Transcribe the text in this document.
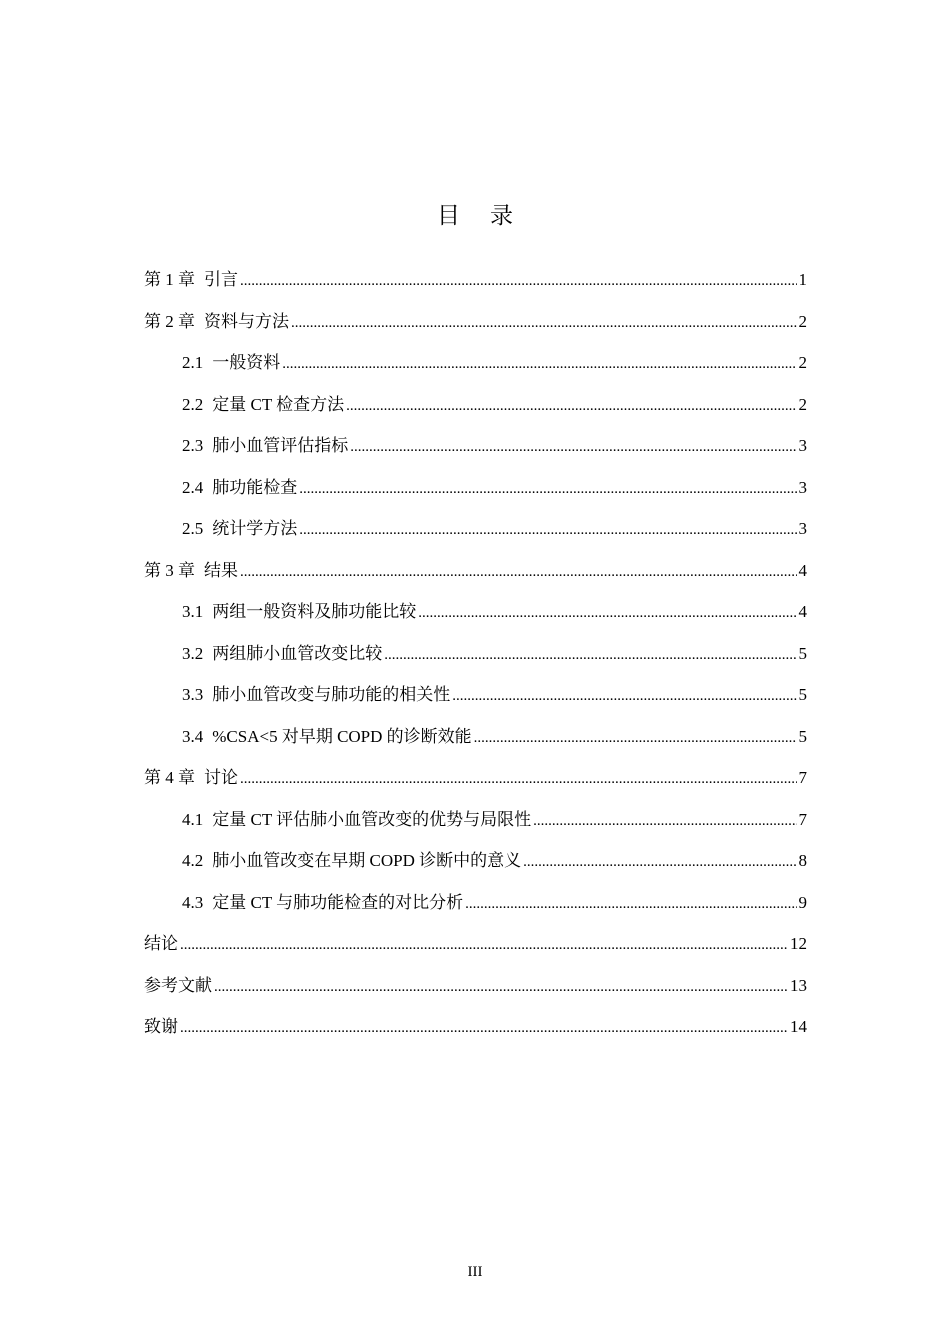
目 录
第 1 章 引言 .....	1
第 2 章 资料与方法 .....	2
2.1 一般资料 .....	2
2.2 定量 CT 检查方法 .....	2
2.3 肺小血管评估指标 .....	3
2.4 肺功能检查 .....	3
2.5 统计学方法 .....	3
第 3 章 结果 .....	4
3.1 两组一般资料及肺功能比较 .....	4
3.2 两组肺小血管改变比较 .....	5
3.3 肺小血管改变与肺功能的相关性 .....	5
3.4 %CSA<5 对早期 COPD 的诊断效能 .....	5
第 4 章 讨论 .....	7
4.1 定量 CT 评估肺小血管改变的优势与局限性 .....	7
4.2 肺小血管改变在早期 COPD 诊断中的意义 .....	8
4.3 定量 CT 与肺功能检查的对比分析 .....	9
结论 .....	12
参考文献 .....	13
致谢 .....	14
III
